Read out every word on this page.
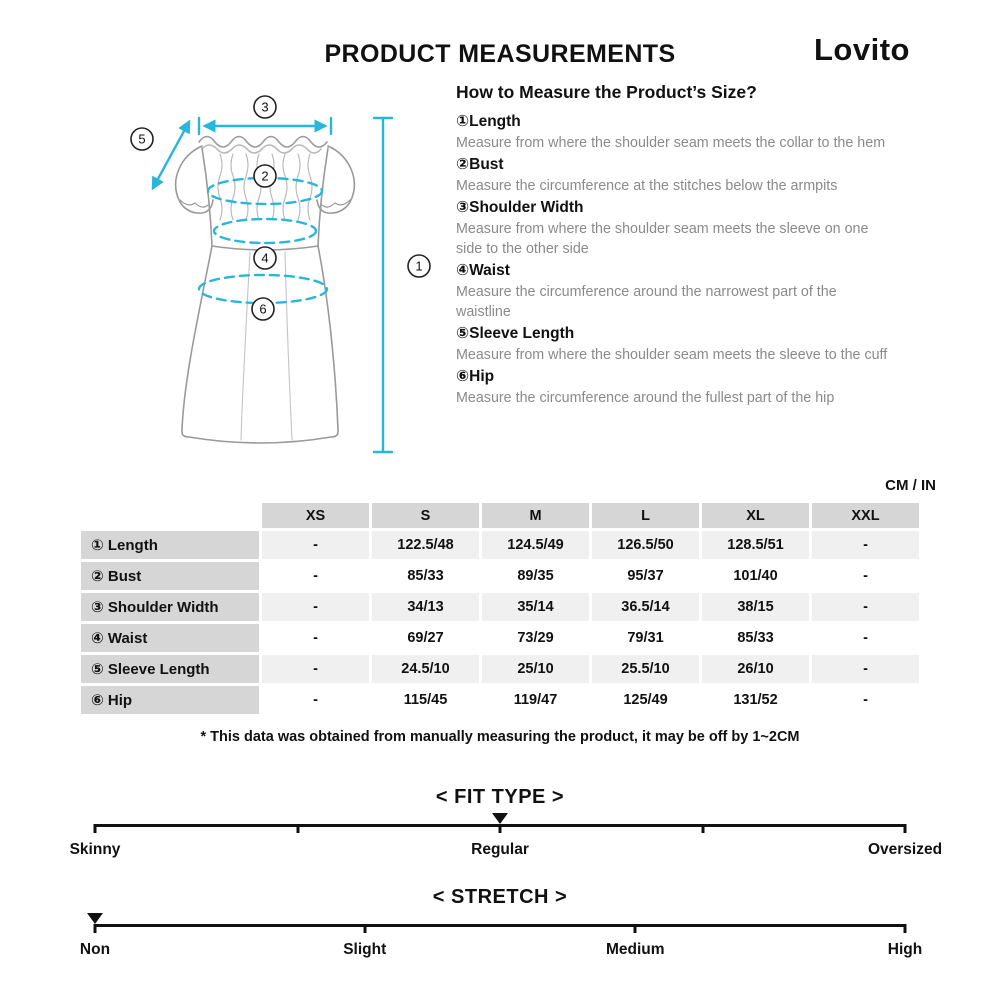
PRODUCT MEASUREMENTS	Lovito
3
5
2
4
6
1
How to Measure the Product’s Size?
①Length
Measure from where the shoulder seam meets the collar to the hem
②Bust
Measure the circumference at the stitches below the armpits
③Shoulder Width
Measure from where the shoulder seam meets the sleeve on one side to the other side
④Waist
Measure the circumference around the narrowest part of the waistline
⑤Sleeve Length
Measure from where the shoulder seam meets the sleeve to the cuff
⑥Hip
Measure the circumference around the fullest part of the hip
CM / IN
	XS	S	M	L	XL	XXL
① Length	-	122.5/48	124.5/49	126.5/50	128.5/51	-
② Bust	-	85/33	89/35	95/37	101/40	-
③ Shoulder Width	-	34/13	35/14	36.5/14	38/15	-
④ Waist	-	69/27	73/29	79/31	85/33	-
⑤ Sleeve Length	-	24.5/10	25/10	25.5/10	26/10	-
⑥ Hip	-	115/45	119/47	125/49	131/52	-

* This data was obtained from manually measuring the product, it may be off by 1~2CM

< FIT TYPE >
Skinny	Regular	Oversized
< STRETCH >
Non	Slight	Medium	High
